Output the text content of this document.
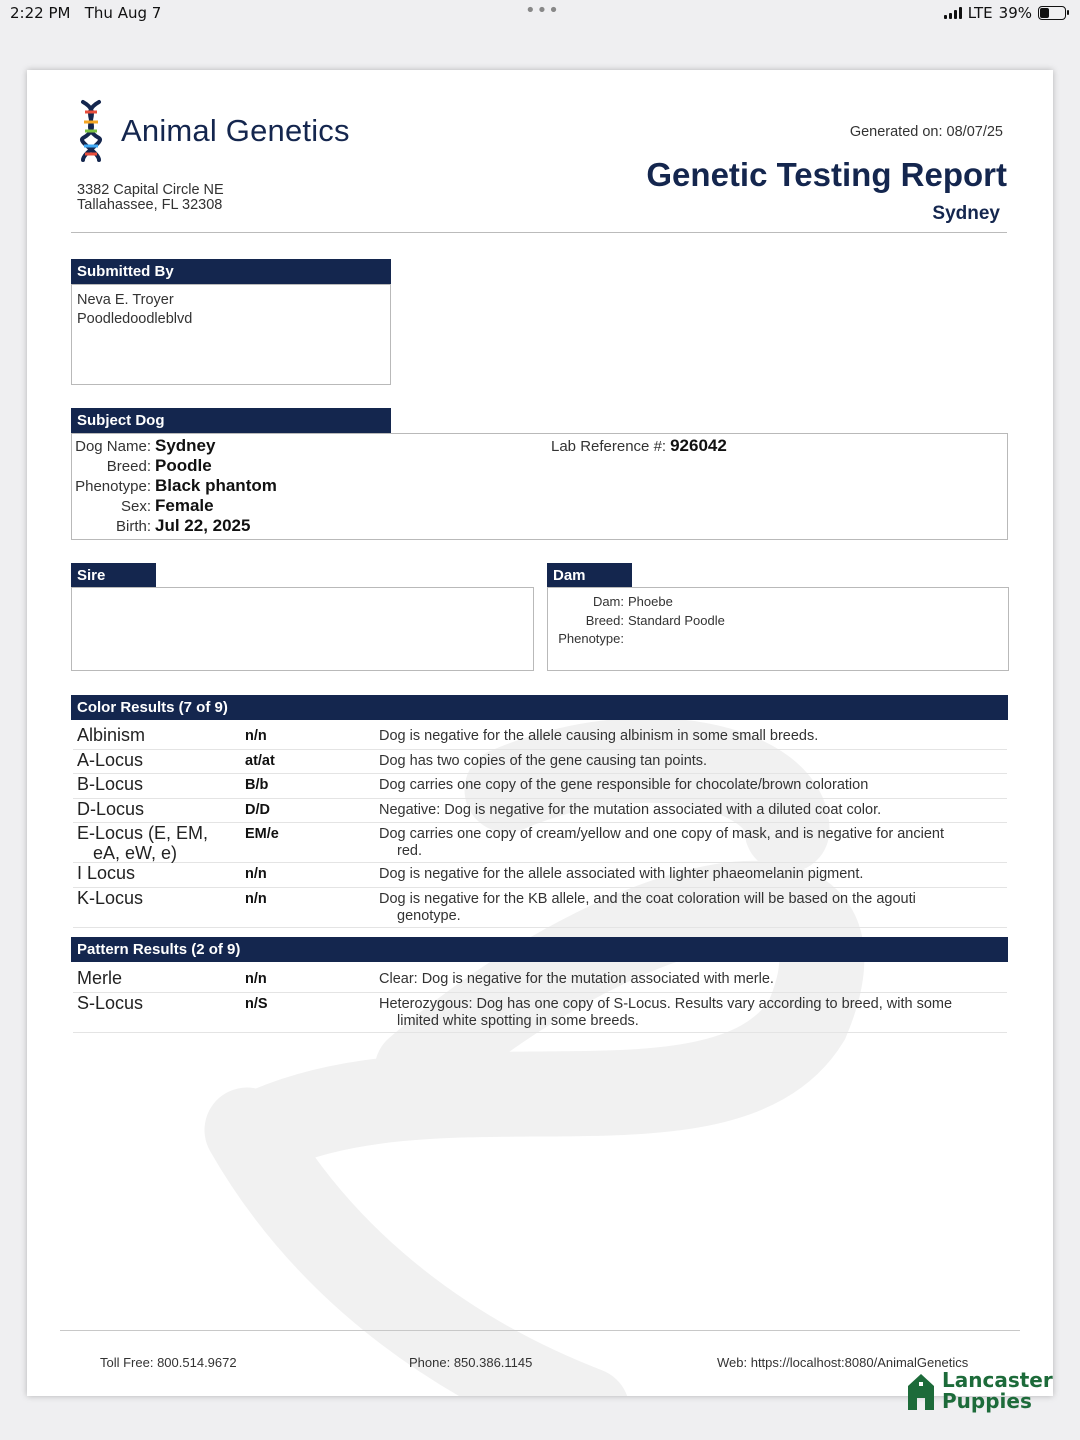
2:22 PM Thu Aug 7	•••	LTE 39%
Animal Genetics
3382 Capital Circle NE
Tallahassee, FL 32308
Generated on: 08/07/25
Genetic Testing Report
Sydney
Submitted By
Neva E. Troyer
Poodledoodleblvd
Subject Dog
Dog Name: Sydney
Breed: Poodle
Phenotype: Black phantom
Sex: Female
Birth: Jul 22, 2025
Lab Reference #: 926042
Sire	Dam
Dam: Phoebe
Breed: Standard Poodle
Phenotype:
Color Results (7 of 9)
Albinism	n/n	Dog is negative for the allele causing albinism in some small breeds.
A-Locus	at/at	Dog has two copies of the gene causing tan points.
B-Locus	B/b	Dog carries one copy of the gene responsible for chocolate/brown coloration
D-Locus	D/D	Negative: Dog is negative for the mutation associated with a diluted coat color.
E-Locus (E, EM,
eA, eW, e)
EM/e	Dog carries one copy of cream/yellow and one copy of mask, and is negative for ancient
red.
I Locus	n/n	Dog is negative for the allele associated with lighter phaeomelanin pigment.
K-Locus	n/n	Dog is negative for the KB allele, and the coat coloration will be based on the agouti
genotype.
Pattern Results (2 of 9)
Merle	n/n	Clear: Dog is negative for the mutation associated with merle.
S-Locus	n/S	Heterozygous: Dog has one copy of S-Locus. Results vary according to breed, with some
limited white spotting in some breeds.
Toll Free: 800.514.9672	Phone: 850.386.1145	Web: https://localhost:8080/AnimalGenetics
Lancaster
Puppies
